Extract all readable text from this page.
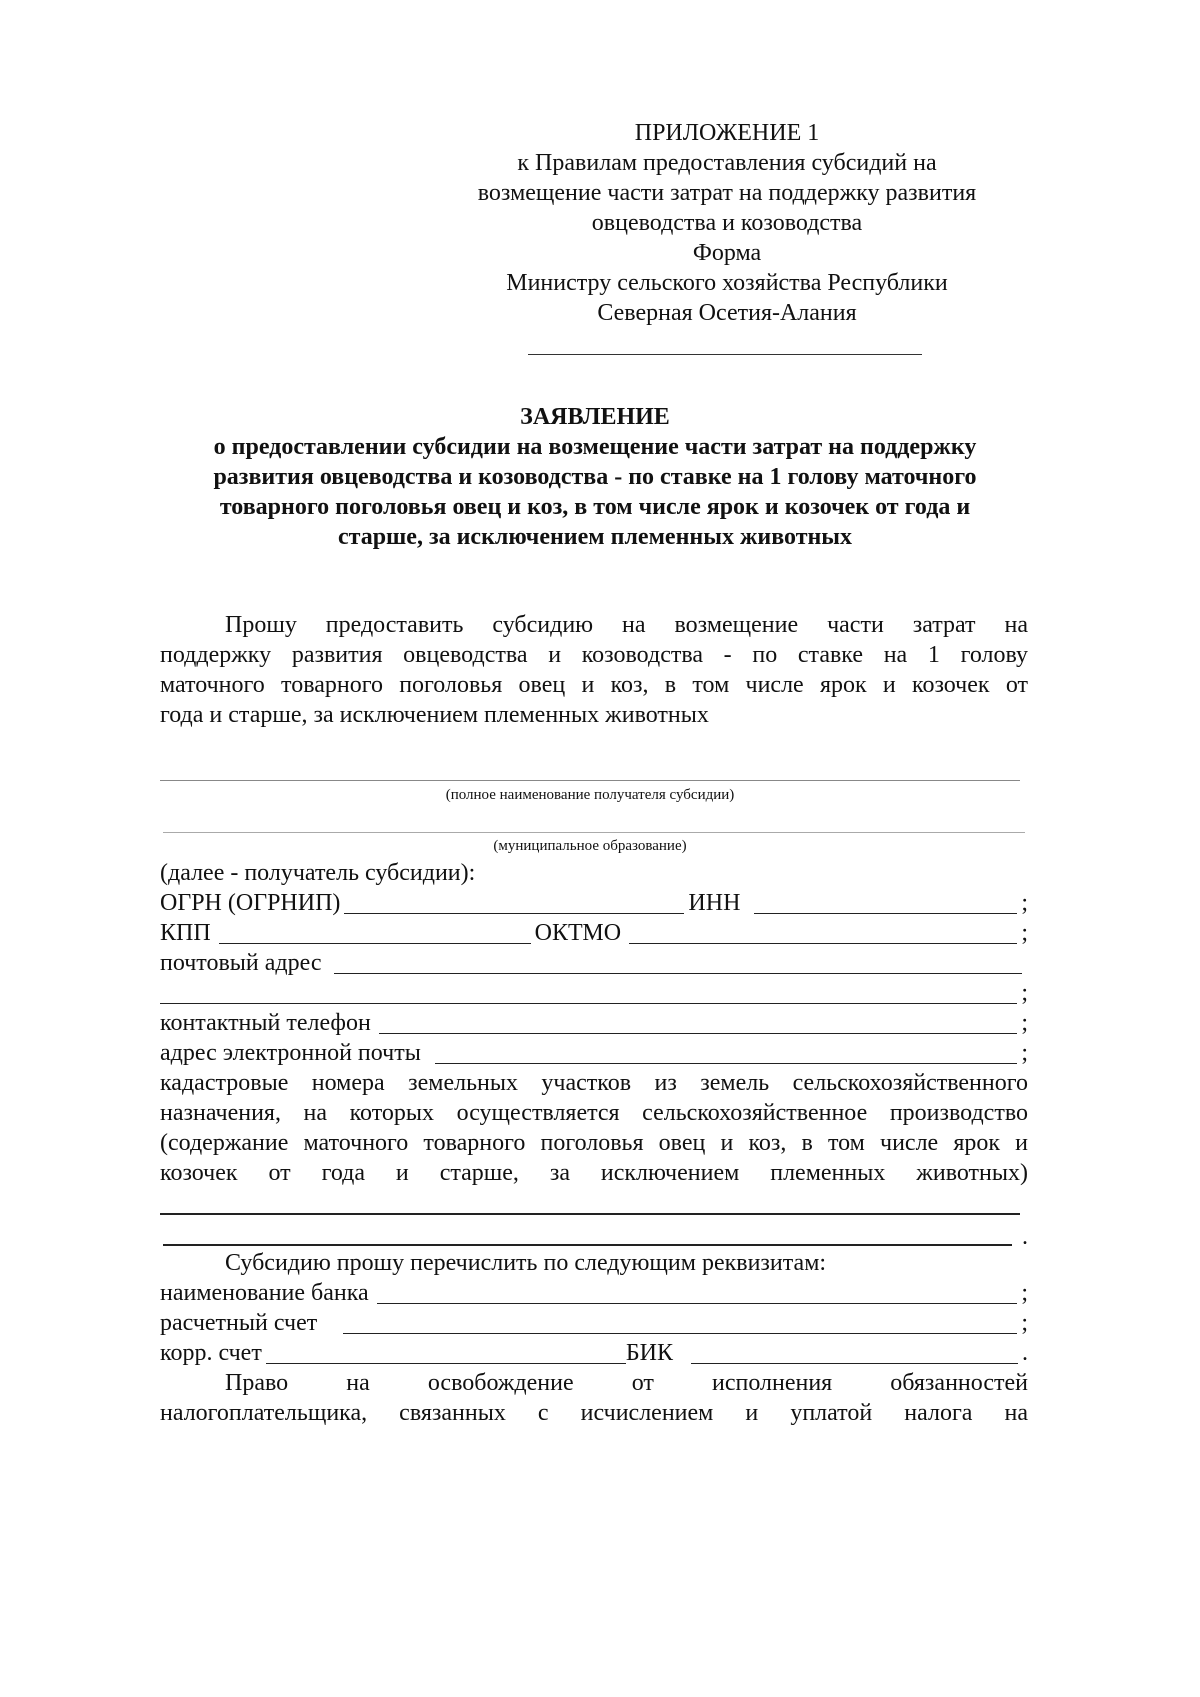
ПРИЛОЖЕНИЕ 1
к Правилам предоставления субсидий на
возмещение части затрат на поддержку развития
овцеводства и козоводства
Форма
Министру сельского хозяйства Республики
Северная Осетия-Алания
ЗАЯВЛЕНИЕ
о предоставлении субсидии на возмещение части затрат на поддержку
развития овцеводства и козоводства - по ставке на 1 голову маточного
товарного поголовья овец и коз, в том числе ярок и козочек от года и
старше, за исключением племенных животных
Прошу предоставить субсидию на возмещение части затрат на
поддержку развития овцеводства и козоводства - по ставке на 1 голову
маточного товарного поголовья овец и коз, в том числе ярок и козочек от
года и старше, за исключением племенных животных
(полное наименование получателя субсидии)
(муниципальное образование)
(далее - получатель субсидии):
ОГРН (ОГРНИП)	ИНН	;
КПП	ОКТМО	;
почтовый адрес
;
контактный телефон	;
адрес электронной почты	;
кадастровые номера земельных участков из земель сельскохозяйственного
назначения, на которых осуществляется сельскохозяйственное производство
(содержание маточного товарного поголовья овец и коз, в том числе ярок и
козочек от года и старше, за исключением племенных животных)
.
Субсидию прошу перечислить по следующим реквизитам:
наименование банка	;
расчетный счет	;
корр. счет	БИК	.
Право на освобождение от исполнения обязанностей
налогоплательщика, связанных с исчислением и уплатой налога на
